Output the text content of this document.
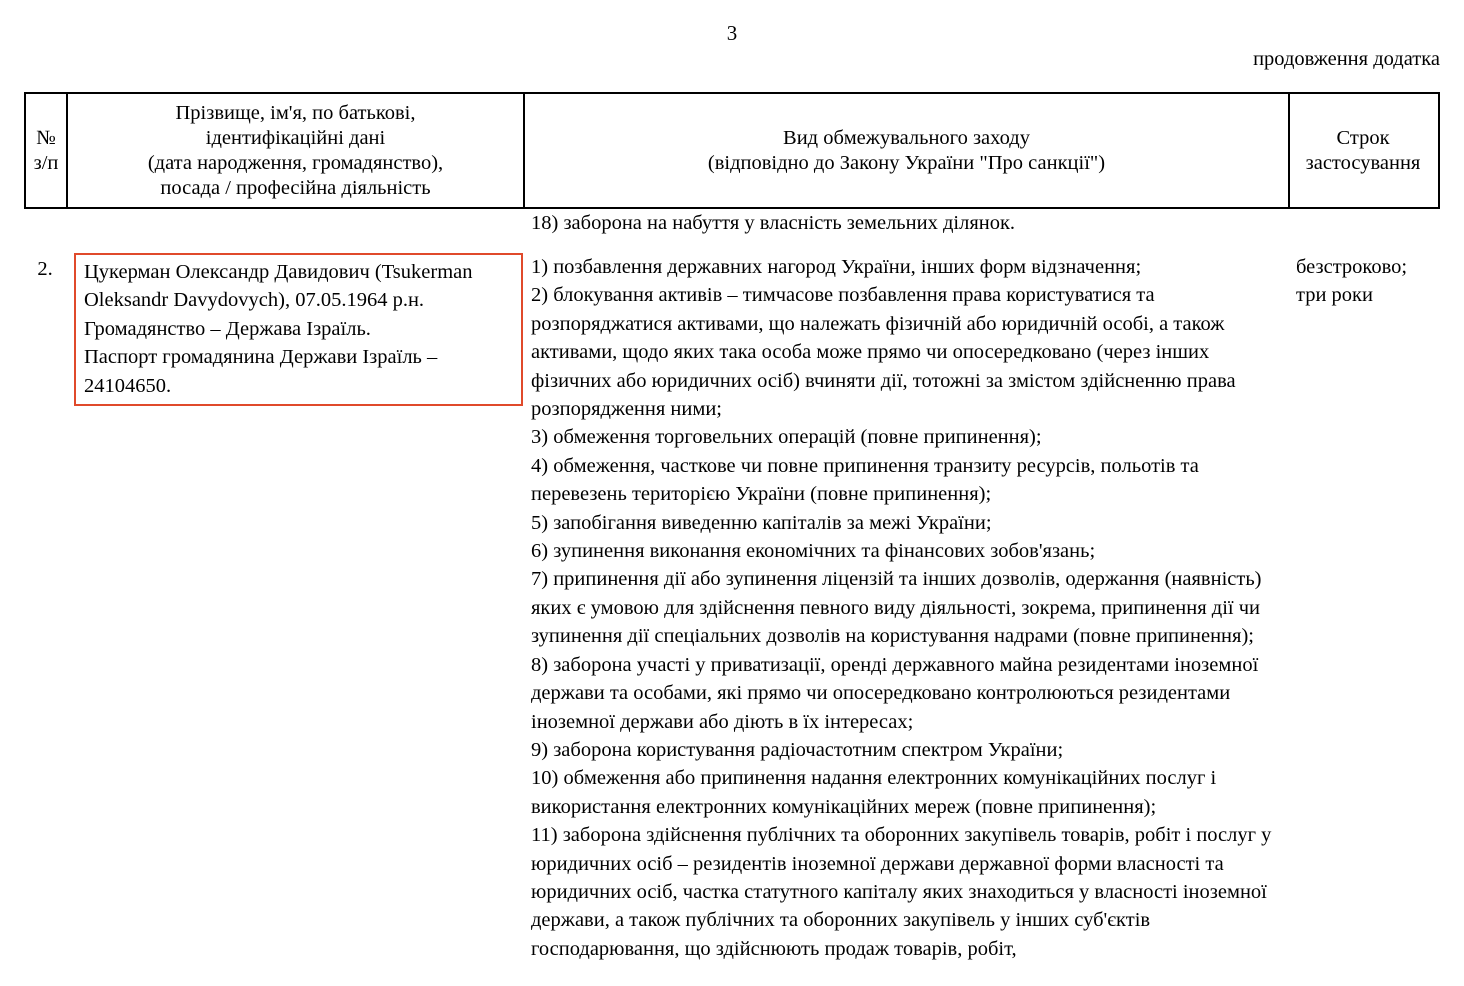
3
продовження додатка
№
з/п
Прізвище, ім'я, по батькові,
ідентифікаційні дані
(дата народження, громадянство),
посада / професійна діяльність
Вид обмежувального заходу
(відповідно до Закону України "Про санкції")
Строк
застосування
18) заборона на набуття у власність земельних ділянок.
2.	Цукерман Олександр Давидович (Tsukerman Oleksandr Davydovych), 07.05.1964 р.н.

Громадянство – Держава Ізраїль.

Паспорт громадянина Держави Ізраїль – 24104650.

1) позбавлення державних нагород України, інших форм відзначення;

2) блокування активів – тимчасове позбавлення права користуватися та розпоряджатися активами, що належать фізичній або юридичній особі, а також активами, щодо яких така особа може прямо чи опосередковано (через інших фізичних або юридичних осіб) вчиняти дії, тотожні за змістом здійсненню права розпорядження ними;

3) обмеження торговельних операцій (повне припинення);

4) обмеження, часткове чи повне припинення транзиту ресурсів, польотів та перевезень територією України (повне припинення);

5) запобігання виведенню капіталів за межі України;

6) зупинення виконання економічних та фінансових зобов'язань;

7) припинення дії або зупинення ліцензій та інших дозволів, одержання (наявність) яких є умовою для здійснення певного виду діяльності, зокрема, припинення дії чи зупинення дії спеціальних дозволів на користування надрами (повне припинення);

8) заборона участі у приватизації, оренді державного майна резидентами іноземної держави та особами, які прямо чи опосередковано контролюються резидентами іноземної держави або діють в їх інтересах;

9) заборона користування радіочастотним спектром України;

10) обмеження або припинення надання електронних комунікаційних послуг і використання електронних комунікаційних мереж (повне припинення);

11) заборона здійснення публічних та оборонних закупівель товарів, робіт і послуг у юридичних осіб – резидентів іноземної держави державної форми власності та юридичних осіб, частка статутного капіталу яких знаходиться у власності іноземної держави, а також публічних та оборонних закупівель у інших суб'єктів господарювання, що здійснюють продаж товарів, робіт,

безстроково;

три роки
